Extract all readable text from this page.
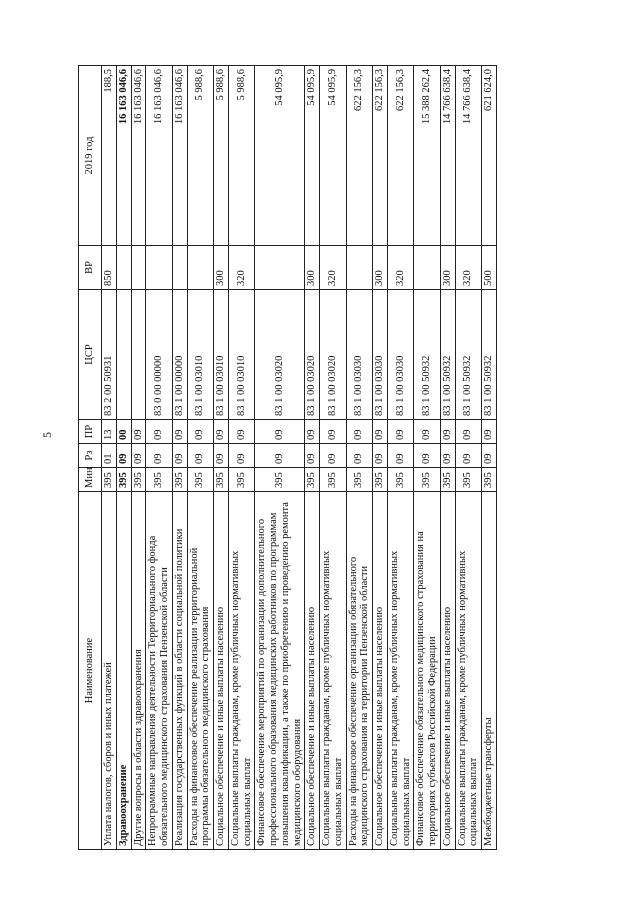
5
Наименование	Мин	Рз	ПР	ЦСР	ВР	2019 год
Уплата налогов, сборов и иных платежей	395	01	13	83 2 00 50931	850	188,5
Здравоохранение	395	09	00			16 163 046,6
Другие вопросы в области здравоохранения	395	09	09			16 163 046,6
Непрограммные направления деятельности Территориального фонда обязательного медицинского страхования Пензенской области	395	09	09	83 0 00 00000		16 163 046,6
Реализация государственных функций в области социальной политики	395	09	09	83 1 00 00000		16 163 046,6
Расходы на финансовое обеспечение реализации территориальной программы обязательного медицинского страхования	395	09	09	83 1 00 03010		5 988,6
Социальное обеспечение и иные выплаты населению	395	09	09	83 1 00 03010	300	5 988,6
Социальные выплаты гражданам, кроме публичных нормативных социальных выплат	395	09	09	83 1 00 03010	320	5 988,6
Финансовое обеспечение мероприятий по организации дополнительного профессионального образования медицинских работников по программам повышения квалификации, а также по приобретению и проведению ремонта медицинского оборудования	395	09	09	83 1 00 03020		54 095,9
Социальное обеспечение и иные выплаты населению	395	09	09	83 1 00 03020	300	54 095,9
Социальные выплаты гражданам, кроме публичных нормативных социальных выплат	395	09	09	83 1 00 03020	320	54 095,9
Расходы на финансовое обеспечение организации обязательного медицинского страхования на территории Пензенской области	395	09	09	83 1 00 03030		622 156,3
Социальное обеспечение и иные выплаты населению	395	09	09	83 1 00 03030	300	622 156,3
Социальные выплаты гражданам, кроме публичных нормативных социальных выплат	395	09	09	83 1 00 03030	320	622 156,3
Финансовое обеспечение обязательного медицинского страхования на территориях субъектов Российской Федерации	395	09	09	83 1 00 50932		15 388 262,4
Социальное обеспечение и иные выплаты населению	395	09	09	83 1 00 50932	300	14 766 638,4
Социальные выплаты гражданам, кроме публичных нормативных социальных выплат	395	09	09	83 1 00 50932	320	14 766 638,4
Межбюджетные трансферты	395	09	09	83 1 00 50932	500	621 624,0
